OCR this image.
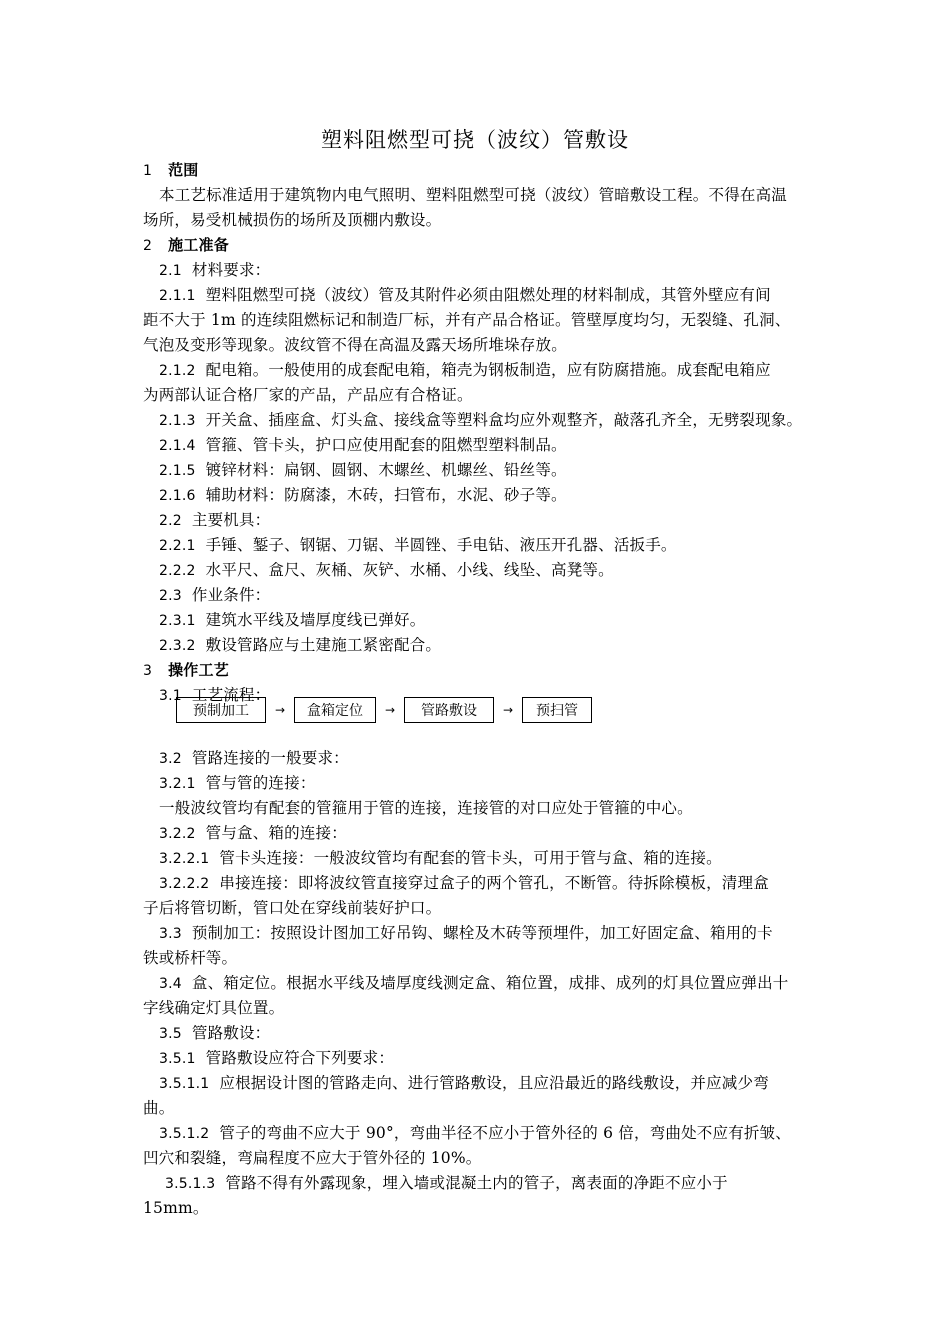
塑料阻燃型可挠（波纹）管敷设
1 范围
本工艺标准适用于建筑物内电气照明、塑料阻燃型可挠（波纹）管暗敷设工程。不得在高温
场所，易受机械损伤的场所及顶棚内敷设。
2 施工准备
2.1 材料要求：
2.1.1 塑料阻燃型可挠（波纹）管及其附件必须由阻燃处理的材料制成，其管外壁应有间
距不大于 1m 的连续阻燃标记和制造厂标，并有产品合格证。管壁厚度均匀，无裂缝、孔洞、
气泡及变形等现象。波纹管不得在高温及露天场所堆垛存放。
2.1.2 配电箱。一般使用的成套配电箱，箱壳为钢板制造，应有防腐措施。成套配电箱应
为两部认证合格厂家的产品，产品应有合格证。
2.1.3 开关盒、插座盒、灯头盒、接线盒等塑料盒均应外观整齐，敲落孔齐全，无劈裂现象。
2.1.4 管箍、管卡头，护口应使用配套的阻燃型塑料制品。
2.1.5 镀锌材料：扁钢、圆钢、木螺丝、机螺丝、铅丝等。
2.1.6 辅助材料：防腐漆，木砖，扫管布，水泥、砂子等。
2.2 主要机具：
2.2.1 手锤、錾子、钢锯、刀锯、半圆锉、手电钻、液压开孔器、活扳手。
2.2.2 水平尺、盒尺、灰桶、灰铲、水桶、小线、线坠、高凳等。
2.3 作业条件：
2.3.1 建筑水平线及墙厚度线已弹好。
2.3.2 敷设管路应与土建施工紧密配合。
3 操作工艺
3.1 工艺流程：
3.2 管路连接的一般要求：
3.2.1 管与管的连接：
一般波纹管均有配套的管箍用于管的连接，连接管的对口应处于管箍的中心。
3.2.2 管与盒、箱的连接：
3.2.2.1 管卡头连接：一般波纹管均有配套的管卡头，可用于管与盒、箱的连接。
3.2.2.2 串接连接：即将波纹管直接穿过盒子的两个管孔，不断管。待拆除模板，清理盒
子后将管切断，管口处在穿线前装好护口。
3.3 预制加工：按照设计图加工好吊钩、螺栓及木砖等预埋件，加工好固定盒、箱用的卡
铁或桥杆等。
3.4 盒、箱定位。根据水平线及墙厚度线测定盒、箱位置，成排、成列的灯具位置应弹出十
字线确定灯具位置。
3.5 管路敷设：
3.5.1 管路敷设应符合下列要求：
3.5.1.1 应根据设计图的管路走向、进行管路敷设，且应沿最近的路线敷设，并应减少弯
曲。
3.5.1.2 管子的弯曲不应大于 90°，弯曲半径不应小于管外径的 6 倍，弯曲处不应有折皱、
凹穴和裂缝，弯扁程度不应大于管外径的 10%。
3.5.1.3 管路不得有外露现象，埋入墙或混凝土内的管子，离表面的净距不应小于
15mm。
预制加工	→	盒箱定位	→	管路敷设	→	预扫管
